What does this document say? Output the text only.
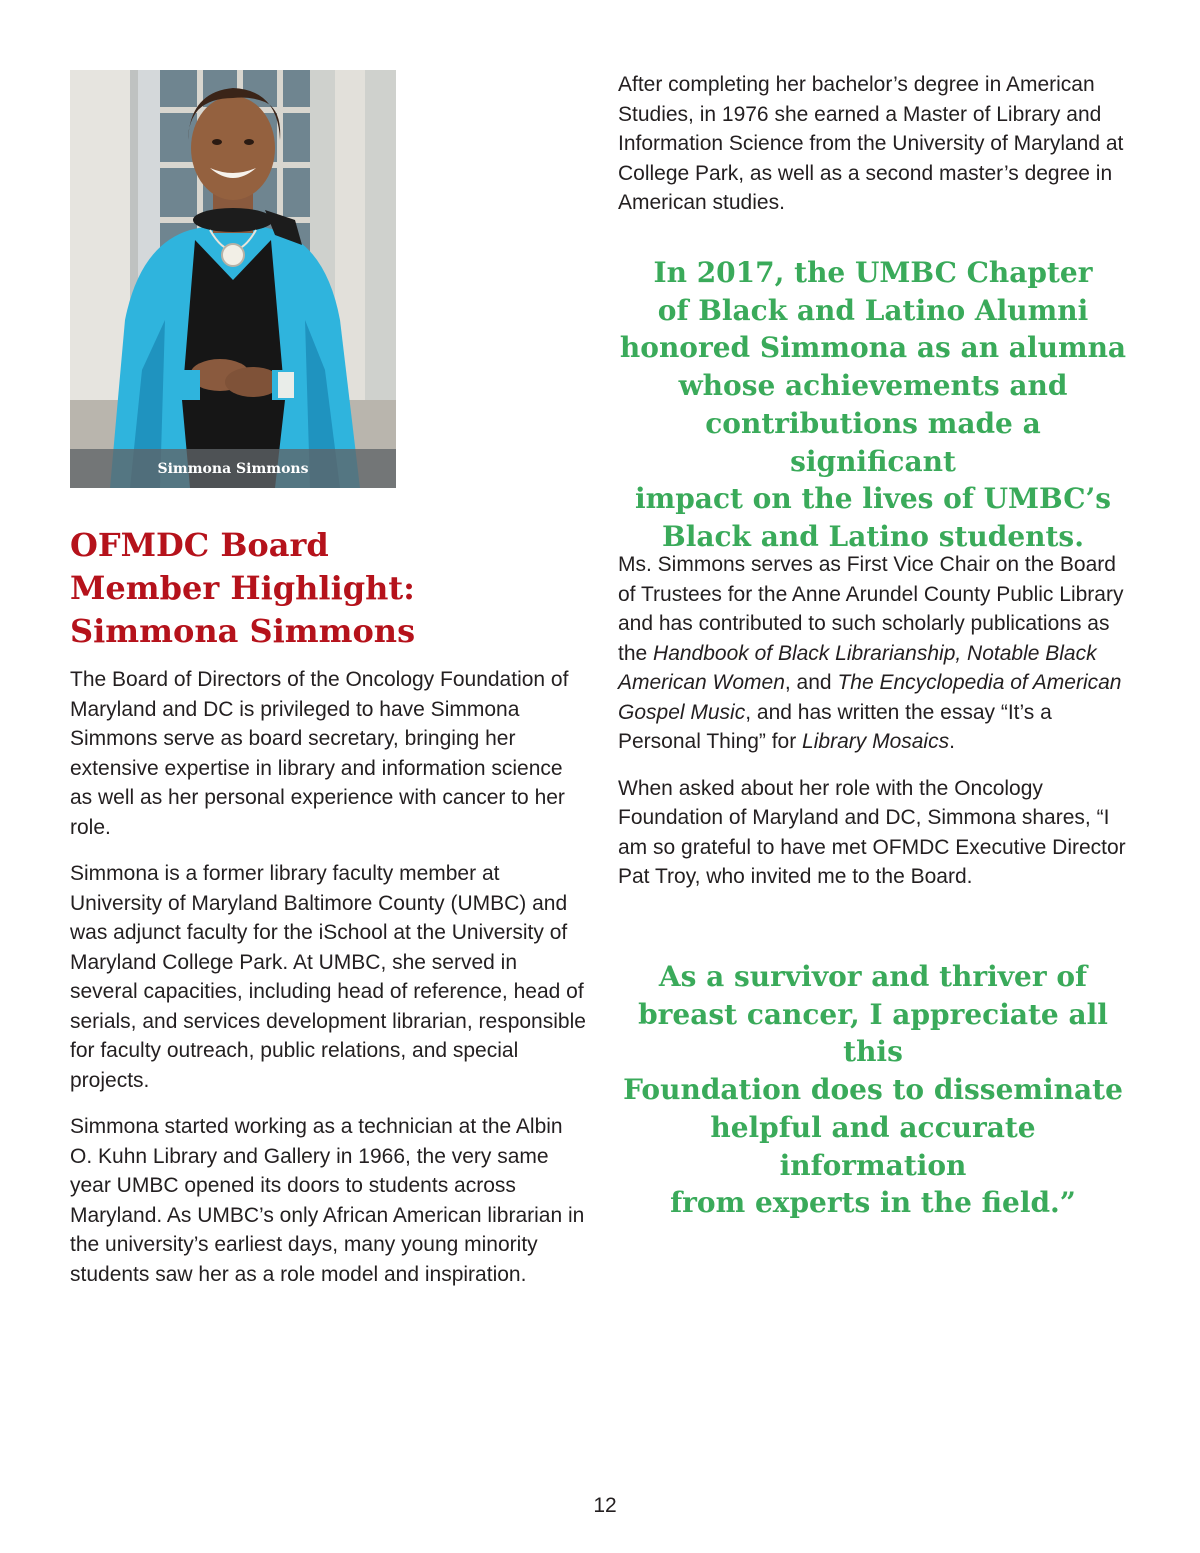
Simmona Simmons
OFMDC Board
Member Highlight:
Simmona Simmons

The Board of Directors of the Oncology Foundation of Maryland and DC is privileged to have Simmona Simmons serve as board secretary, bringing her extensive expertise in library and information science as well as her personal experience with cancer to her role.

Simmona is a former library faculty member at University of Maryland Baltimore County (UMBC) and was adjunct faculty for the iSchool at the University of Maryland College Park. At UMBC, she served in several capacities, including head of reference, head of serials, and services development librarian, responsible for faculty outreach, public relations, and special projects.

Simmona started working as a technician at the Albin O. Kuhn Library and Gallery in 1966, the very same year UMBC opened its doors to students across Maryland. As UMBC’s only African American librarian in the university’s earliest days, many young minority students saw her as a role model and inspiration.

After completing her bachelor’s degree in American Studies, in 1976 she earned a Master of Library and Information Science from the University of Maryland at College Park, as well as a second master’s degree in American studies.

In 2017, the UMBC Chapter
of Black and Latino Alumni
honored Simmona as an alumna
whose achievements and
contributions made a significant
impact on the lives of UMBC’s
Black and Latino students.

Ms. Simmons serves as First Vice Chair on the Board of Trustees for the Anne Arundel County Public Library and has contributed to such scholarly publications as the Handbook of Black Librarianship, Notable Black American Women, and The Encyclopedia of American Gospel Music, and has written the essay “It’s a Personal Thing” for Library Mosaics.

When asked about her role with the Oncology Foundation of Maryland and DC, Simmona shares, “I am so grateful to have met OFMDC Executive Director Pat Troy, who invited me to the Board.

As a survivor and thriver of
breast cancer, I appreciate all this
Foundation does to disseminate
helpful and accurate information
from experts in the field.”
12
